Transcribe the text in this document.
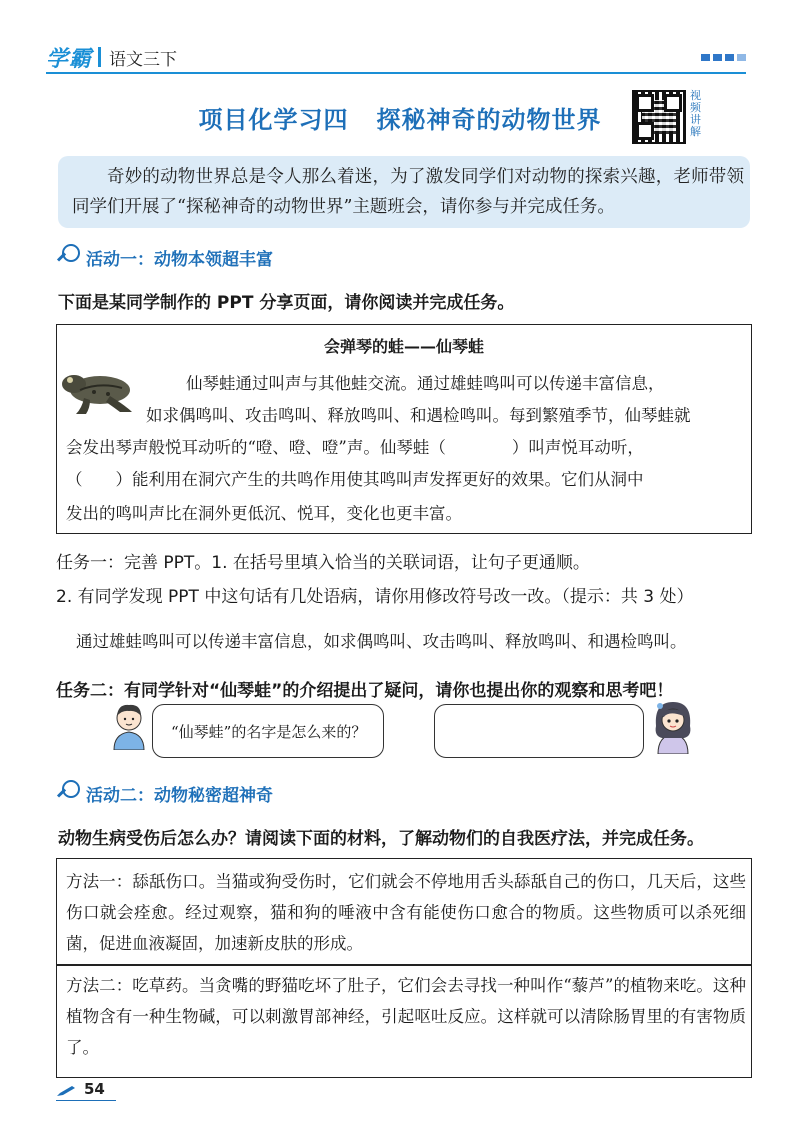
学霸 语文三下
项目化学习四 探秘神奇的动物世界
视频讲解
奇妙的动物世界总是令人那么着迷，为了激发同学们对动物的探索兴趣，老师带领同学们开展了“探秘神奇的动物世界”主题班会，请你参与并完成任务。
活动一：动物本领超丰富
下面是某同学制作的 PPT 分享页面，请你阅读并完成任务。
会弹琴的蛙——仙琴蛙
仙琴蛙通过叫声与其他蛙交流。通过雄蛙鸣叫可以传递丰富信息，
如求偶鸣叫、攻击鸣叫、释放鸣叫、和遇检鸣叫。每到繁殖季节，仙琴蛙就
会发出琴声般悦耳动听的“噔、噔、噔”声。仙琴蛙（　　　　）叫声悦耳动听，
（　　）能利用在洞穴产生的共鸣作用使其鸣叫声发挥更好的效果。它们从洞中
发出的鸣叫声比在洞外更低沉、悦耳，变化也更丰富。
任务一：完善 PPT。1. 在括号里填入恰当的关联词语，让句子更通顺。
2. 有同学发现 PPT 中这句话有几处语病，请你用修改符号改一改。（提示：共 3 处）
通过雄蛙鸣叫可以传递丰富信息，如求偶鸣叫、攻击鸣叫、释放鸣叫、和遇检鸣叫。
任务二：有同学针对“仙琴蛙”的介绍提出了疑问，请你也提出你的观察和思考吧！
“仙琴蛙”的名字是怎么来的？
活动二：动物秘密超神奇
动物生病受伤后怎么办？请阅读下面的材料，了解动物们的自我医疗法，并完成任务。
方法一：舔舐伤口。当猫或狗受伤时，它们就会不停地用舌头舔舐自己的伤口，几天后，这些伤口就会痊愈。经过观察，猫和狗的唾液中含有能使伤口愈合的物质。这些物质可以杀死细菌，促进血液凝固，加速新皮肤的形成。
方法二：吃草药。当贪嘴的野猫吃坏了肚子，它们会去寻找一种叫作“藜芦”的植物来吃。这种植物含有一种生物碱，可以刺激胃部神经，引起呕吐反应。这样就可以清除肠胃里的有害物质了。
54
